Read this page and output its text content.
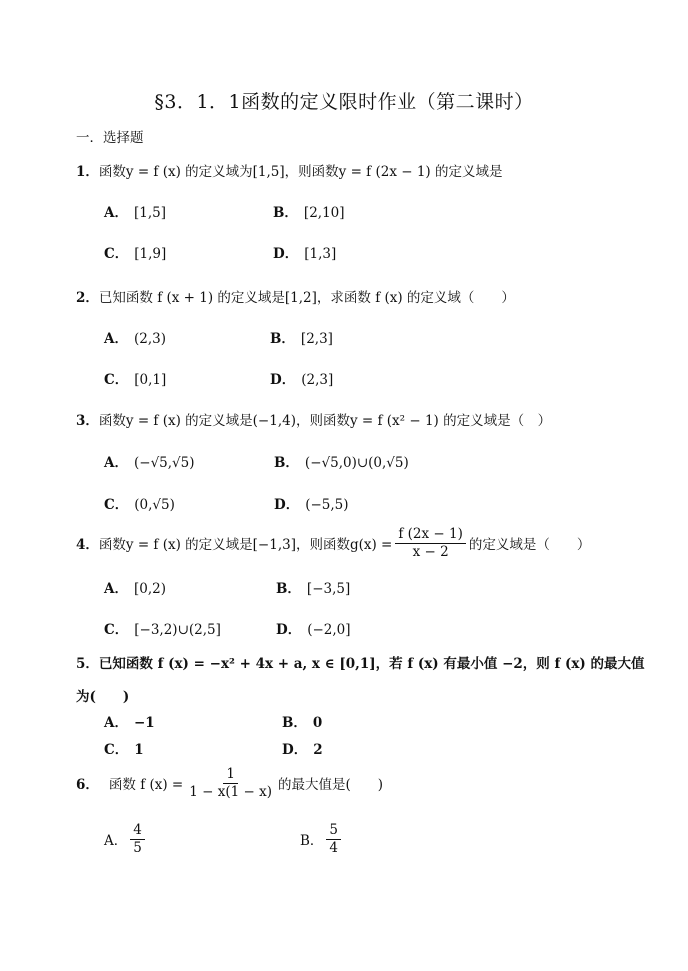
§3．1．1函数的定义限时作业（第二课时）
一．选择题
1．函数y = f (x) 的定义域为[1,5]，则函数y = f (2x − 1) 的定义域是
A． [1,5]	B． [2,10]
C． [1,9]	D． [1,3]
2．已知函数 f (x + 1) 的定义域是[1,2]，求函数 f (x) 的定义域（　　）
A． (2,3)	B． [2,3]
C． [0,1]	D． (2,3]
3．函数y = f (x) 的定义域是(−1,4)，则函数y = f (x² − 1) 的定义域是（　）
A． (−√5,√5)	B． (−√5,0)∪(0,√5)
C． (0,√5)	D． (−5,5)
4． 函数y = f (x) 的定义域是[−1,3]，则函数$g(x) = \frac{f (2x - 1)}{x - 2}$ 的定义域是（　　）
A． [0,2)	B． [−3,5]
C． [−3,2)∪(2,5]	D． (−2,0]
5．已知函数 f (x) = −x² + 4x + a, x ∈ [0,1]，若 f (x) 有最小值 −2，则 f (x) 的最大值
为(　　)
A． −1	B． 0
C． 1	D． 2
6． 函数 f $(x) = \frac{1}{1 - x(1 - x)}$ 的最大值是(　　)
A． $\frac{4}{5}$	B． $\frac{5}{4}$
